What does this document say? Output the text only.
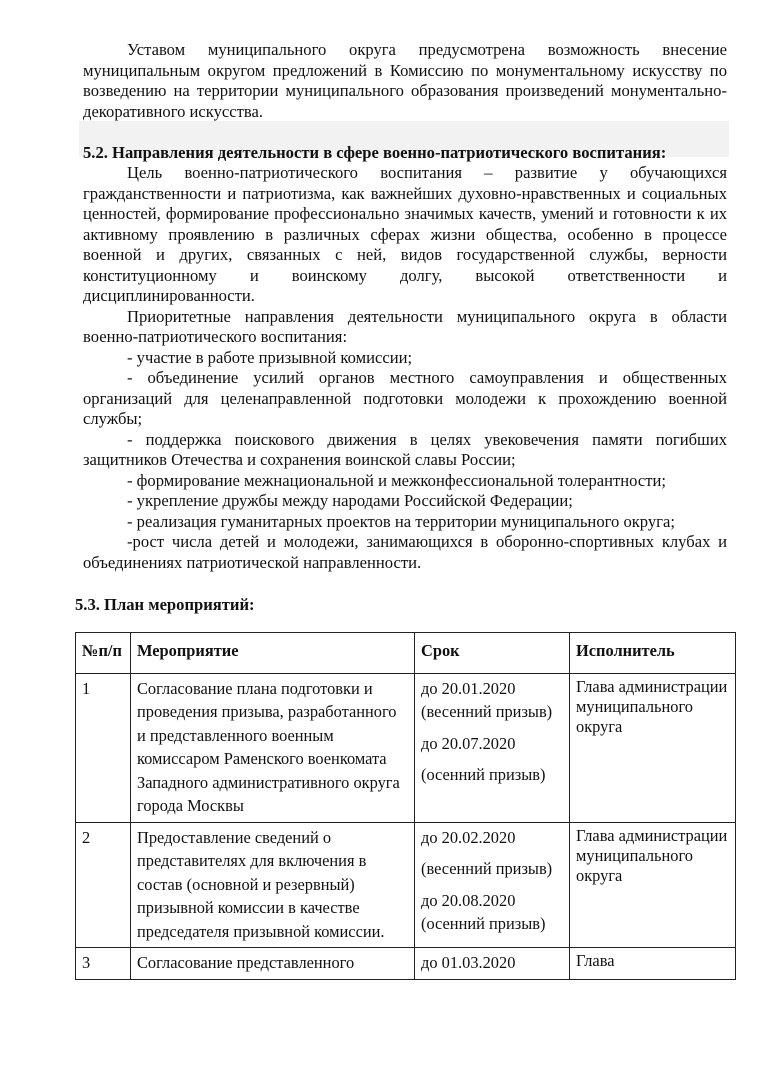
Уставом муниципального округа предусмотрена возможность внесение муниципальным округом предложений в Комиссию по монументальному искусству по возведению на территории муниципального образования произведений монументально-декоративного искусства.

5.2. Направления деятельности в сфере военно-патриотического воспитания:

Цель военно-патриотического воспитания – развитие у обучающихся гражданственности и патриотизма, как важнейших духовно-нравственных и социальных ценностей, формирование профессионально значимых качеств, умений и готовности к их активному проявлению в различных сферах жизни общества, особенно в процессе военной и других, связанных с ней, видов государственной службы, верности конституционному и воинскому долгу, высокой ответственности и дисциплинированности.

Приоритетные направления деятельности муниципального округа в области военно-патриотического воспитания:

- участие в работе призывной комиссии;

- объединение усилий органов местного самоуправления и общественных организаций для целенаправленной подготовки молодежи к прохождению военной службы;

- поддержка поискового движения в целях увековечения памяти погибших защитников Отечества и сохранения воинской славы России;

- формирование межнациональной и межконфессиональной толерантности;

- укрепление дружбы между народами Российской Федерации;

- реализация гуманитарных проектов на территории муниципального округа;

-рост числа детей и молодежи, занимающихся в оборонно-спортивных клубах и объединениях патриотической направленности.

5.3. План мероприятий:
№п/п	Мероприятие	Срок	Исполнитель
1	Согласование плана подготовки и проведения призыва, разработанного и представленного военным комиссаром Раменского военкомата Западного административного округа города Москвы	до 20.01.2020
(весенний призыв)
до 20.07.2020
(осенний призыв)	Глава администрации муниципального округа
2	Предоставление сведений о представителях для включения в состав (основной и резервный) призывной комиссии в качестве председателя призывной комиссии.	до 20.02.2020
(весенний призыв)
до 20.08.2020
(осенний призыв)	Глава администрации муниципального округа
3	Согласование представленного	до 01.03.2020	Глава
